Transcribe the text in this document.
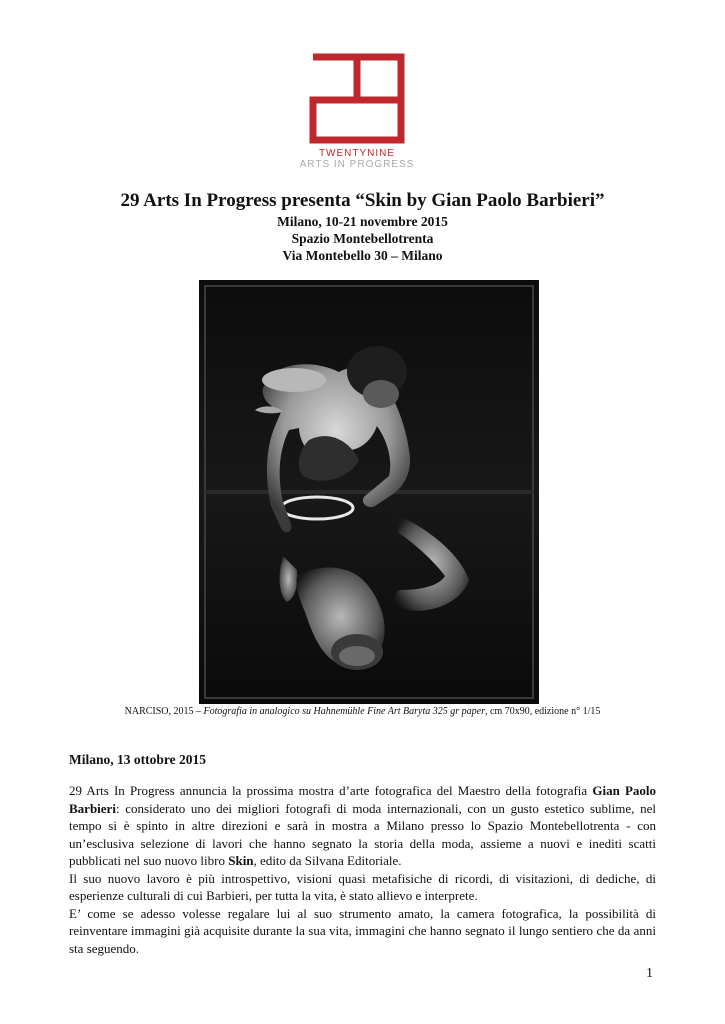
TWENTYNINE
ARTS IN PROGRESS
29 Arts In Progress presenta “Skin by Gian Paolo Barbieri”
Milano, 10-21 novembre 2015
Spazio Montebellotrenta
Via Montebello 30 – Milano
NARCISO, 2015 – Fotografia in analogico su Hahnemühle Fine Art Baryta 325 gr paper, cm 70x90, edizione n° 1/15
Milano, 13 ottobre 2015

29 Arts In Progress annuncia la prossima mostra d’arte fotografica del Maestro della fotografia Gian Paolo Barbieri: considerato uno dei migliori fotografi di moda internazionali, con un gusto estetico sublime, nel tempo si è spinto in altre direzioni e sarà in mostra a Milano presso lo Spazio Montebellotrenta - con un’esclusiva selezione di lavori che hanno segnato la storia della moda, assieme a nuovi e inediti scatti pubblicati nel suo nuovo libro Skin, edito da Silvana Editoriale.

Il suo nuovo lavoro è più introspettivo, visioni quasi metafisiche di ricordi, di visitazioni, di dediche, di esperienze culturali di cui Barbieri, per tutta la vita, è stato allievo e interprete.

E’ come se adesso volesse regalare lui al suo strumento amato, la camera fotografica, la possibilità di reinventare immagini già acquisite durante la sua vita, immagini che hanno segnato il lungo sentiero che da anni sta seguendo.

1
